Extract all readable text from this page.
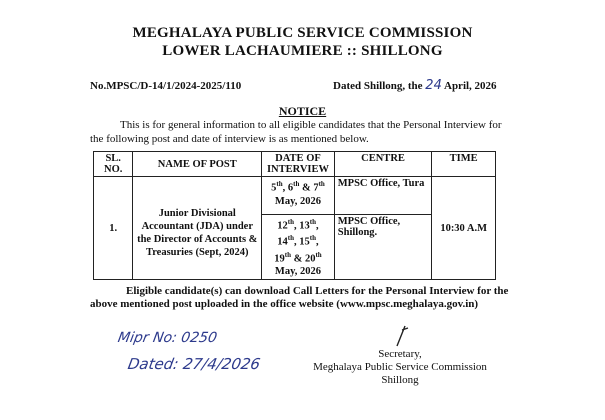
MEGHALAYA PUBLIC SERVICE COMMISSION
LOWER LACHAUMIERE :: SHILLONG
No.MPSC/D-14/1/2024-2025/110	Dated Shillong, the 24 April, 2026
NOTICE
This is for general information to all eligible candidates that the Personal Interview for
the following post and date of interview is as mentioned below.
SL. NO.	NAME OF POST	DATE OF INTERVIEW	CENTRE	TIME
1.	Junior Divisional Accountant (JDA) under the Director of Accounts & Treasuries (Sept, 2024)	5th, 6th & 7th
May, 2026	MPSC Office, Tura	10:30 A.M
		12th, 13th,
14th, 15th,
19th & 20th
May, 2026	MPSC Office, Shillong.	
Eligible candidate(s) can download Call Letters for the Personal Interview for the
above mentioned post uploaded in the office website (www.mpsc.meghalaya.gov.in)
Mipr No: 0250
Dated: 27/4/2026
Secretary,
Meghalaya Public Service Commission
Shillong
